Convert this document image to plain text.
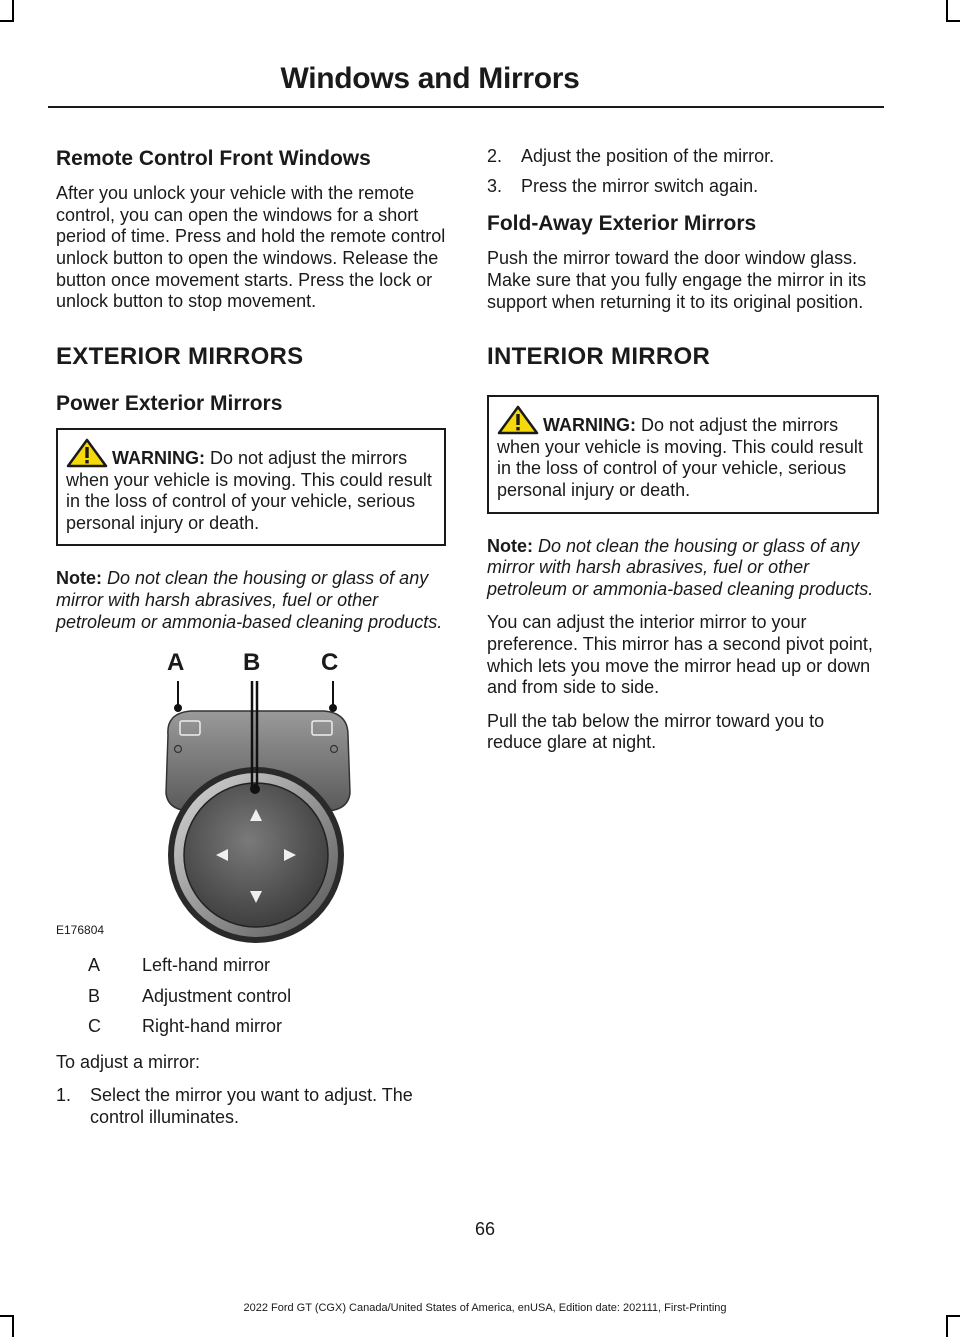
Windows and Mirrors
Remote Control Front Windows

After you unlock your vehicle with the remote control, you can open the windows for a short period of time. Press and hold the remote control unlock button to open the windows. Release the button once movement starts. Press the lock or unlock button to stop movement.

EXTERIOR MIRRORS
Power Exterior Mirrors
WARNING: Do not adjust the mirrors when your vehicle is moving. This could result in the loss of control of your vehicle, serious personal injury or death.

Note: Do not clean the housing or glass of any mirror with harsh abrasives, fuel or other petroleum or ammonia-based cleaning products.

A B	C
E176804
A	Left-hand mirror
B	Adjustment control
C	Right-hand mirror

To adjust a mirror:

1.	Select the mirror you want to adjust. The control illuminates.
2.	Adjust the position of the mirror.
3.	Press the mirror switch again.
Fold-Away Exterior Mirrors

Push the mirror toward the door window glass. Make sure that you fully engage the mirror in its support when returning it to its original position.

INTERIOR MIRROR
WARNING: Do not adjust the mirrors when your vehicle is moving. This could result in the loss of control of your vehicle, serious personal injury or death.

Note: Do not clean the housing or glass of any mirror with harsh abrasives, fuel or other petroleum or ammonia-based cleaning products.

You can adjust the interior mirror to your preference. This mirror has a second pivot point, which lets you move the mirror head up or down and from side to side.

Pull the tab below the mirror toward you to reduce glare at night.

66
2022 Ford GT (CGX) Canada/United States of America, enUSA, Edition date: 202111, First-Printing
